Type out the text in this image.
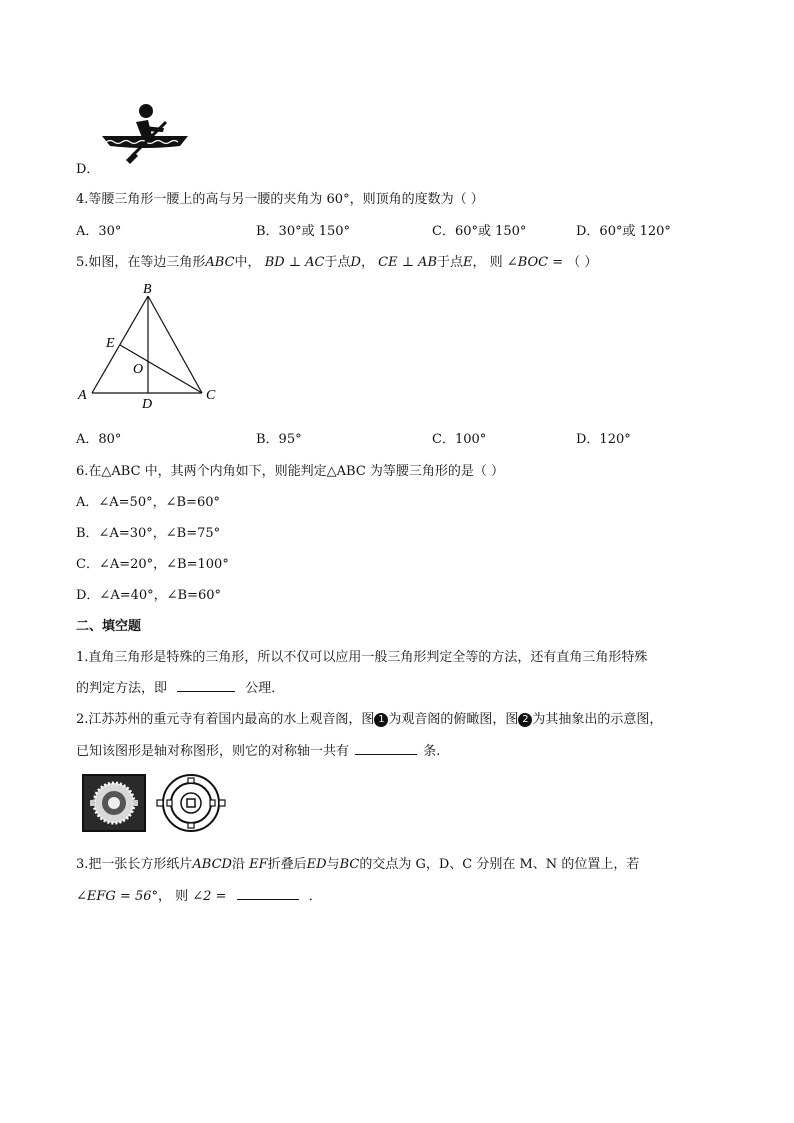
D．
4.等腰三角形一腰上的高与另一腰的夹角为 60°，则顶角的度数为（ ）
A．30°	B．30°或 150°	C．60°或 150°	D．60°或 120°
5.如图，在等边三角形ABC中， BD ⊥ AC于点D， CE ⊥ AB于点E， 则 ∠BOC = （ ）
B
E
O
A
D
C
A．80°	B．95°	C．100°	D．120°
6.在△ABC 中，其两个内角如下，则能判定△ABC 为等腰三角形的是（ ）
A．∠A=50°，∠B=60°
B．∠A=30°，∠B=75°
C．∠A=20°，∠B=100°
D．∠A=40°，∠B=60°
二、填空题
1.直角三角形是特殊的三角形，所以不仅可以应用一般三角形判定全等的方法，还有直角三角形特殊
的判定方法，即	公理．
2.江苏苏州的重元寺有着国内最高的水上观音阁，图 1 为观音阁的俯瞰图，图 2 为其抽象出的示意图，
已知该图形是轴对称图形，则它的对称轴一共有	条.
3.把一张长方形纸片ABCD沿 EF折叠后ED与BC的交点为 G，D、C 分别在 M、N 的位置上，若
∠EFG = 56°， 则 ∠2 =	．
